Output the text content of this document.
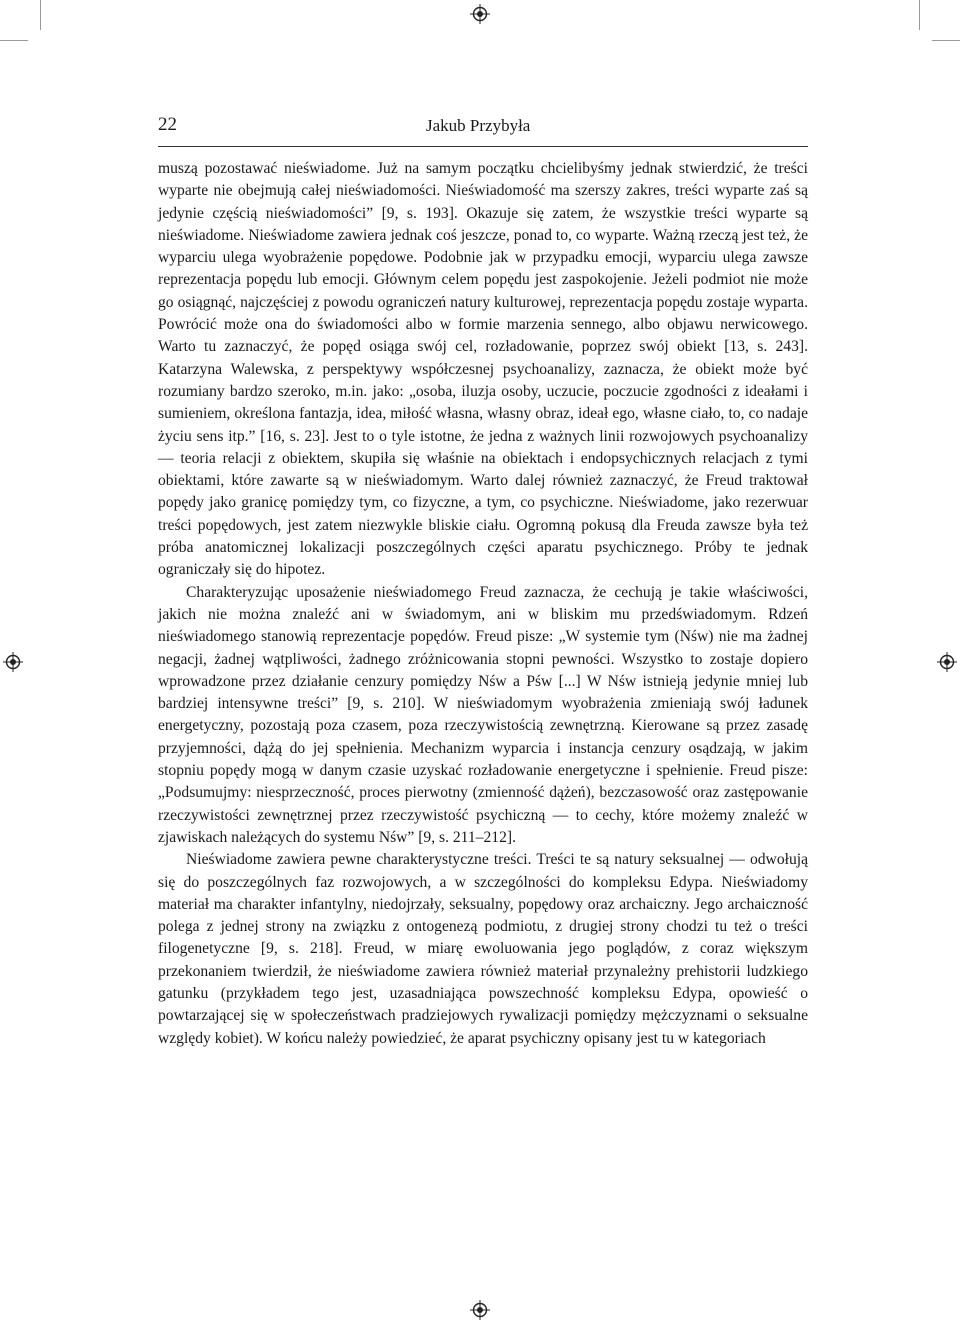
22	Jakub Przybyła

muszą pozostawać nieświadome. Już na samym początku chcielibyśmy jednak stwierdzić, że treści wyparte nie obejmują całej nieświadomości. Nieświadomość ma szerszy zakres, treści wyparte zaś są jedynie częścią nieświadomości” [9, s. 193]. Okazuje się zatem, że wszystkie treści wyparte są nieświadome. Nieświadome zawiera jednak coś jeszcze, ponad to, co wyparte. Ważną rzeczą jest też, że wyparciu ulega wyobrażenie popędowe. Podobnie jak w przypadku emocji, wyparciu ulega zawsze reprezentacja popędu lub emocji. Głównym celem popędu jest zaspokojenie. Jeżeli podmiot nie może go osiągnąć, najczęściej z powodu ograniczeń natury kulturowej, reprezentacja popędu zostaje wyparta. Powrócić może ona do świadomości albo w formie marzenia sennego, albo objawu nerwicowego. Warto tu zaznaczyć, że popęd osiąga swój cel, rozładowanie, poprzez swój obiekt [13, s. 243]. Katarzyna Walewska, z perspektywy współczesnej psychoanalizy, zaznacza, że obiekt może być rozumiany bardzo szeroko, m.in. jako: „osoba, iluzja osoby, uczucie, poczucie zgodności z ideałami i sumieniem, określona fantazja, idea, miłość własna, własny obraz, ideał ego, własne ciało, to, co nadaje życiu sens itp.” [16, s. 23]. Jest to o tyle istotne, że jedna z ważnych linii rozwojowych psychoanalizy — teoria relacji z obiektem, skupiła się właśnie na obiektach i endopsychicznych relacjach z tymi obiektami, które zawarte są w nieświadomym. Warto dalej również zaznaczyć, że Freud traktował popędy jako granicę pomiędzy tym, co fizyczne, a tym, co psychiczne. Nieświadome, jako rezerwuar treści popędowych, jest zatem niezwykle bliskie ciału. Ogromną pokusą dla Freuda zawsze była też próba anatomicznej lokalizacji poszczególnych części aparatu psychicznego. Próby te jednak ograniczały się do hipotez.

Charakteryzując uposażenie nieświadomego Freud zaznacza, że cechują je takie właściwości, jakich nie można znaleźć ani w świadomym, ani w bliskim mu przedświadomym. Rdzeń nieświadomego stanowią reprezentacje popędów. Freud pisze: „W systemie tym (Nśw) nie ma żadnej negacji, żadnej wątpliwości, żadnego zróżnicowania stopni pewności. Wszystko to zostaje dopiero wprowadzone przez działanie cenzury pomiędzy Nśw a Pśw [...] W Nśw istnieją jedynie mniej lub bardziej intensywne treści” [9, s. 210]. W nieświadomym wyobrażenia zmieniają swój ładunek energetyczny, pozostają poza czasem, poza rzeczywistością zewnętrzną. Kierowane są przez zasadę przyjemności, dążą do jej spełnienia. Mechanizm wyparcia i instancja cenzury osądzają, w jakim stopniu popędy mogą w danym czasie uzyskać rozładowanie energetyczne i spełnienie. Freud pisze: „Podsumujmy: niesprzeczność, proces pierwotny (zmienność dążeń), bezczasowość oraz zastępowanie rzeczywistości zewnętrznej przez rzeczywistość psychiczną — to cechy, które możemy znaleźć w zjawiskach należących do systemu Nśw” [9, s. 211–212].

Nieświadome zawiera pewne charakterystyczne treści. Treści te są natury seksualnej — odwołują się do poszczególnych faz rozwojowych, a w szczególności do kompleksu Edypa. Nieświadomy materiał ma charakter infantylny, niedojrzały, seksualny, popędowy oraz archaiczny. Jego archaiczność polega z jednej strony na związku z ontogenezą podmiotu, z drugiej strony chodzi tu też o treści filogenetyczne [9, s. 218]. Freud, w miarę ewoluowania jego poglądów, z coraz większym przekonaniem twierdził, że nieświadome zawiera również materiał przynależny prehistorii ludzkiego gatunku (przykładem tego jest, uzasadniająca powszechność kompleksu Edypa, opowieść o powtarzającej się w społeczeństwach pradziejowych rywalizacji pomiędzy mężczyznami o seksualne względy kobiet). W końcu należy powiedzieć, że aparat psychiczny opisany jest tu w kategoriach
